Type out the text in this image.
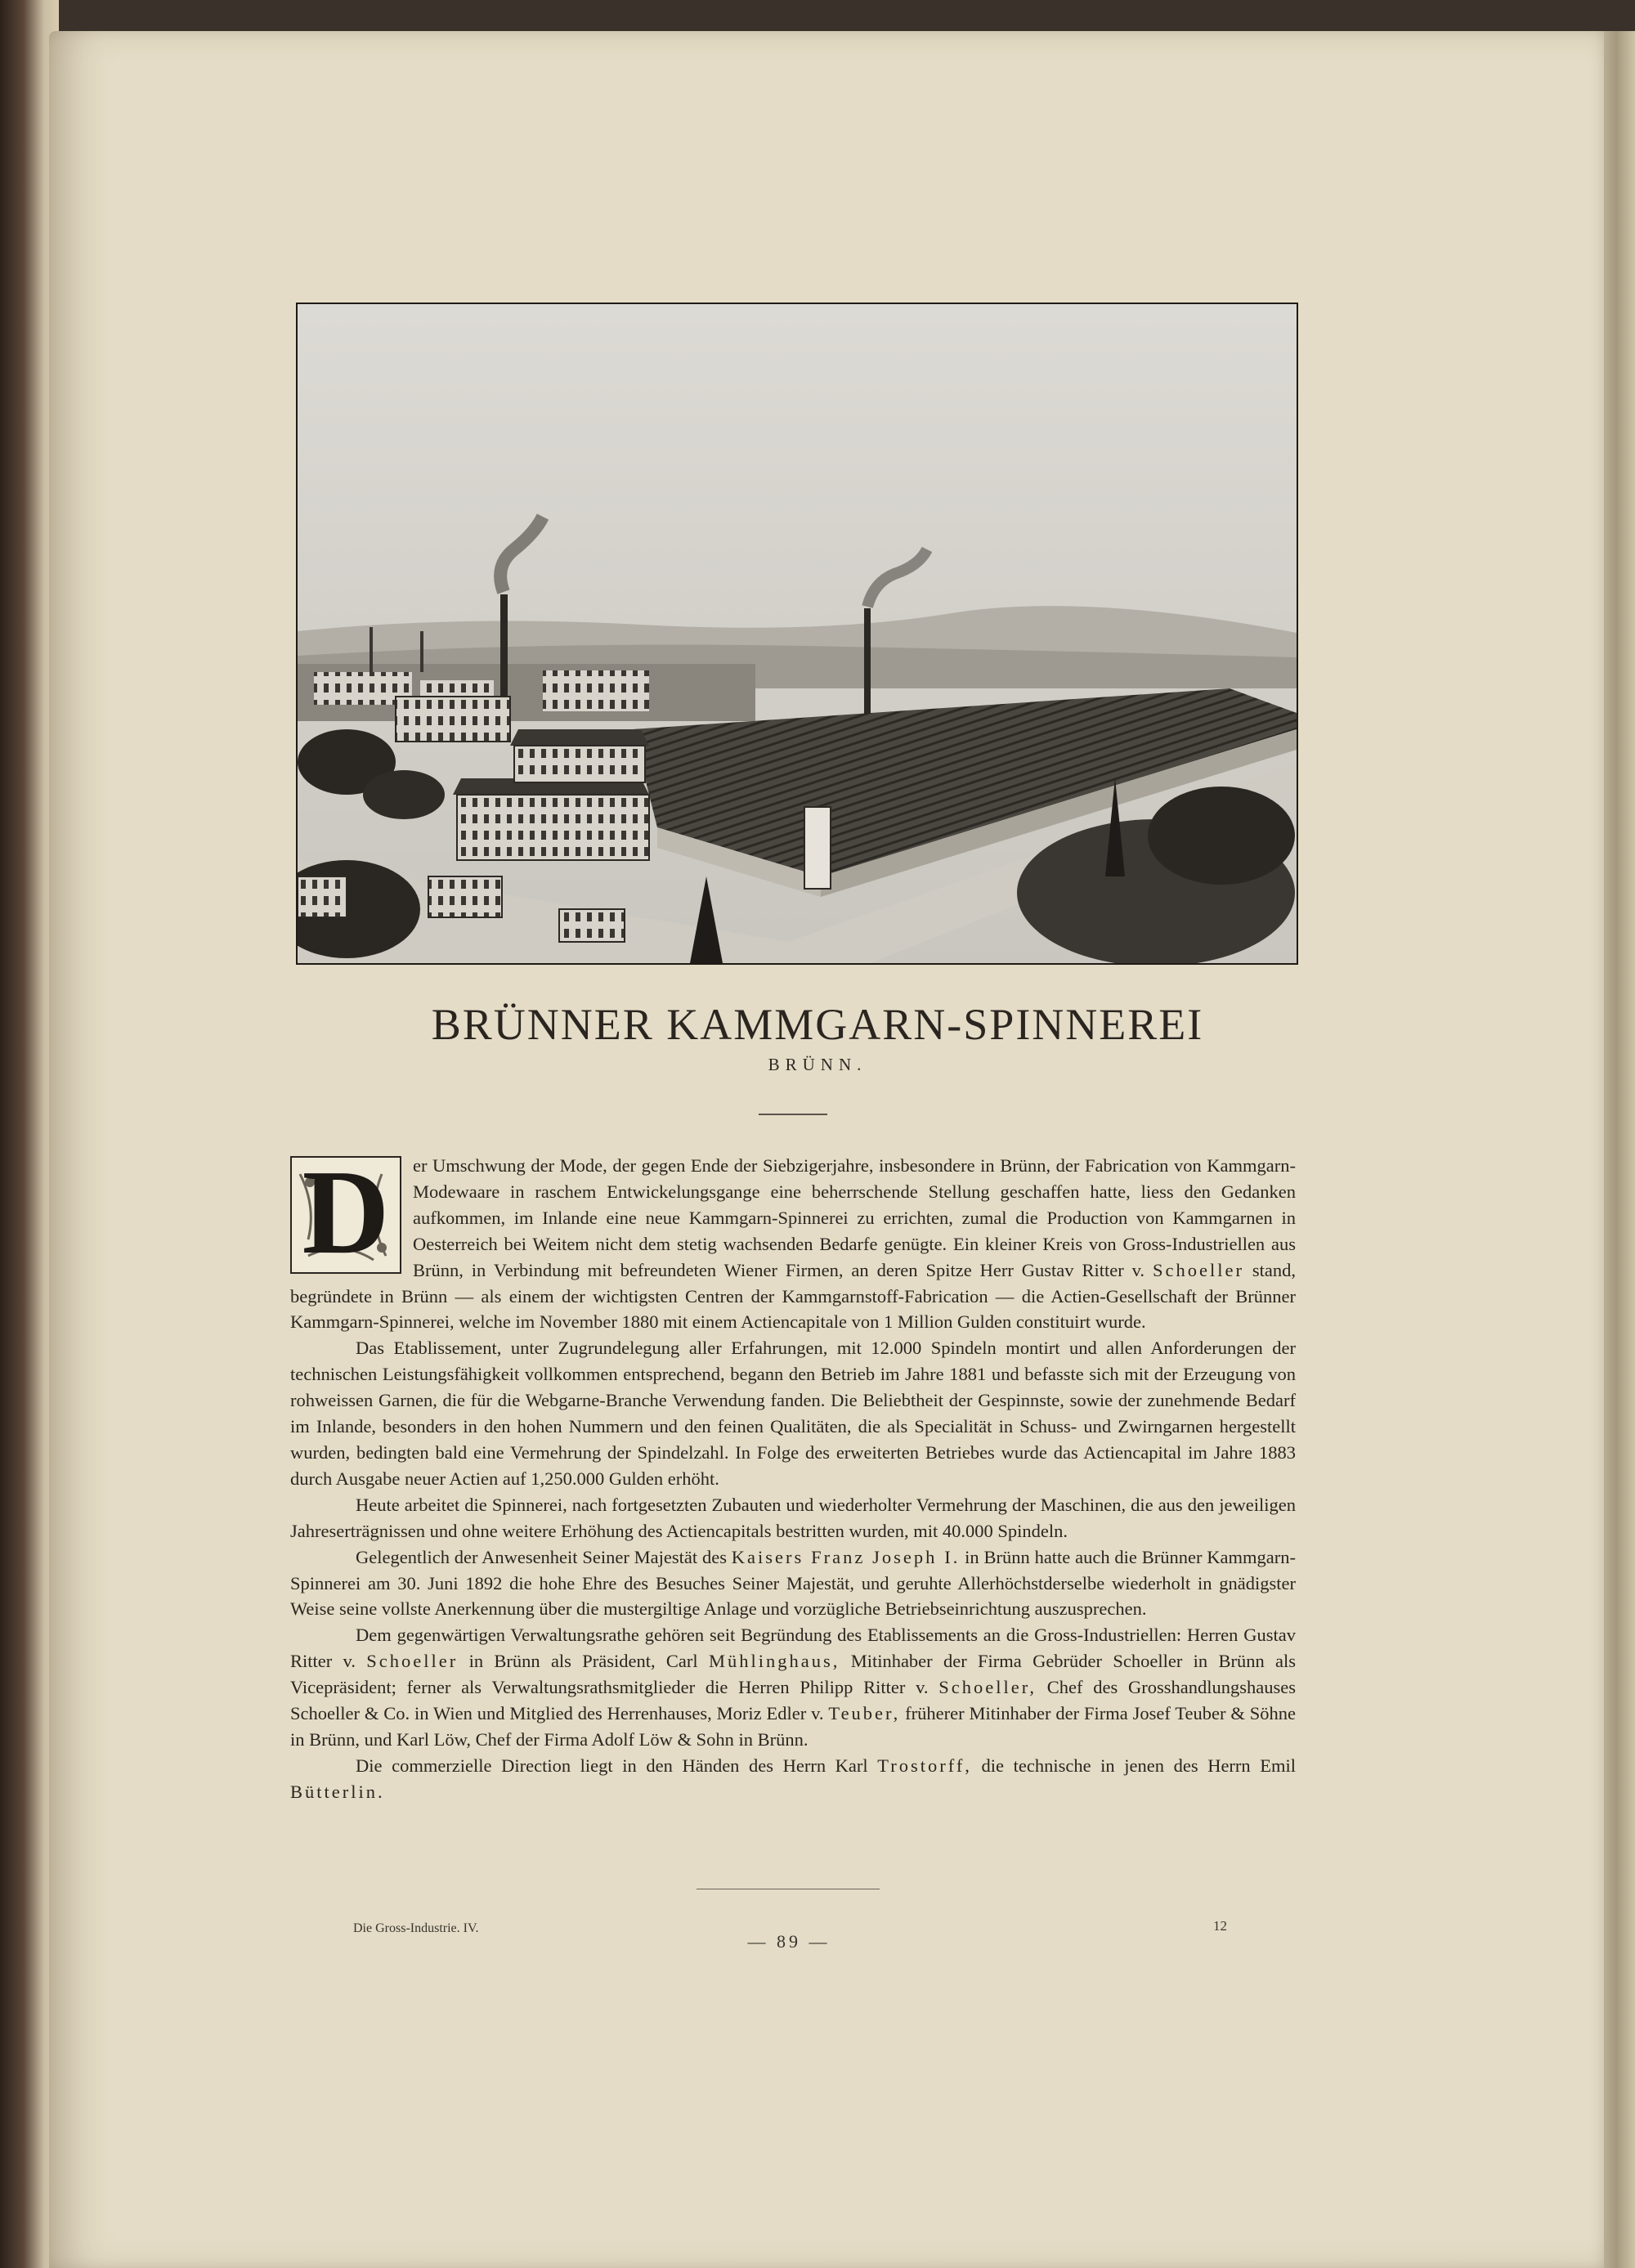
BRÜNNER KAMMGARN-SPINNEREI
BRÜNN.

D	er Umschwung der Mode, der gegen Ende der Siebzigerjahre, insbesondere in Brünn, der Fabrication von Kammgarn-Modewaare in raschem Entwickelungsgange eine beherrschende Stellung geschaffen hatte, liess den Gedanken aufkommen, im Inlande eine neue Kammgarn-Spinnerei zu errichten, zumal die Production von Kammgarnen in Oesterreich bei Weitem nicht dem stetig wachsenden Bedarfe genügte. Ein kleiner Kreis von Gross-Industriellen aus Brünn, in Verbindung mit befreundeten Wiener Firmen, an deren Spitze Herr Gustav Ritter v. Schoeller stand, begründete in Brünn — als einem der wichtigsten Centren der Kammgarnstoff-Fabrication — die Actien-Gesellschaft der Brünner Kammgarn-Spinnerei, welche im November 1880 mit einem Actiencapitale von 1 Million Gulden constituirt wurde.

Das Etablissement, unter Zugrundelegung aller Erfahrungen, mit 12.000 Spindeln montirt und allen Anforderungen der technischen Leistungsfähigkeit vollkommen entsprechend, begann den Betrieb im Jahre 1881 und befasste sich mit der Erzeugung von rohweissen Garnen, die für die Webgarne-Branche Verwendung fanden. Die Beliebtheit der Gespinnste, sowie der zunehmende Bedarf im Inlande, besonders in den hohen Nummern und den feinen Qualitäten, die als Specialität in Schuss- und Zwirngarnen hergestellt wurden, bedingten bald eine Vermehrung der Spindelzahl. In Folge des erweiterten Betriebes wurde das Actiencapital im Jahre 1883 durch Ausgabe neuer Actien auf 1,250.000 Gulden erhöht.

Heute arbeitet die Spinnerei, nach fortgesetzten Zubauten und wiederholter Vermehrung der Maschinen, die aus den jeweiligen Jahreserträgnissen und ohne weitere Erhöhung des Actiencapitals bestritten wurden, mit 40.000 Spindeln.

Gelegentlich der Anwesenheit Seiner Majestät des Kaisers Franz Joseph I. in Brünn hatte auch die Brünner Kammgarn-Spinnerei am 30. Juni 1892 die hohe Ehre des Besuches Seiner Majestät, und geruhte Allerhöchstderselbe wiederholt in gnädigster Weise seine vollste Anerkennung über die mustergiltige Anlage und vorzügliche Betriebseinrichtung auszusprechen.

Dem gegenwärtigen Verwaltungsrathe gehören seit Begründung des Etablissements an die Gross-Industriellen: Herren Gustav Ritter v. Schoeller in Brünn als Präsident, Carl Mühlinghaus, Mitinhaber der Firma Gebrüder Schoeller in Brünn als Vicepräsident; ferner als Verwaltungsrathsmitglieder die Herren Philipp Ritter v. Schoeller, Chef des Grosshandlungshauses Schoeller & Co. in Wien und Mitglied des Herrenhauses, Moriz Edler v. Teuber, früherer Mitinhaber der Firma Josef Teuber & Söhne in Brünn, und Karl Löw, Chef der Firma Adolf Löw & Sohn in Brünn.

Die commerzielle Direction liegt in den Händen des Herrn Karl Trostorff, die technische in jenen des Herrn Emil Bütterlin.

Die Gross-Industrie. IV.
— 89 —
12
